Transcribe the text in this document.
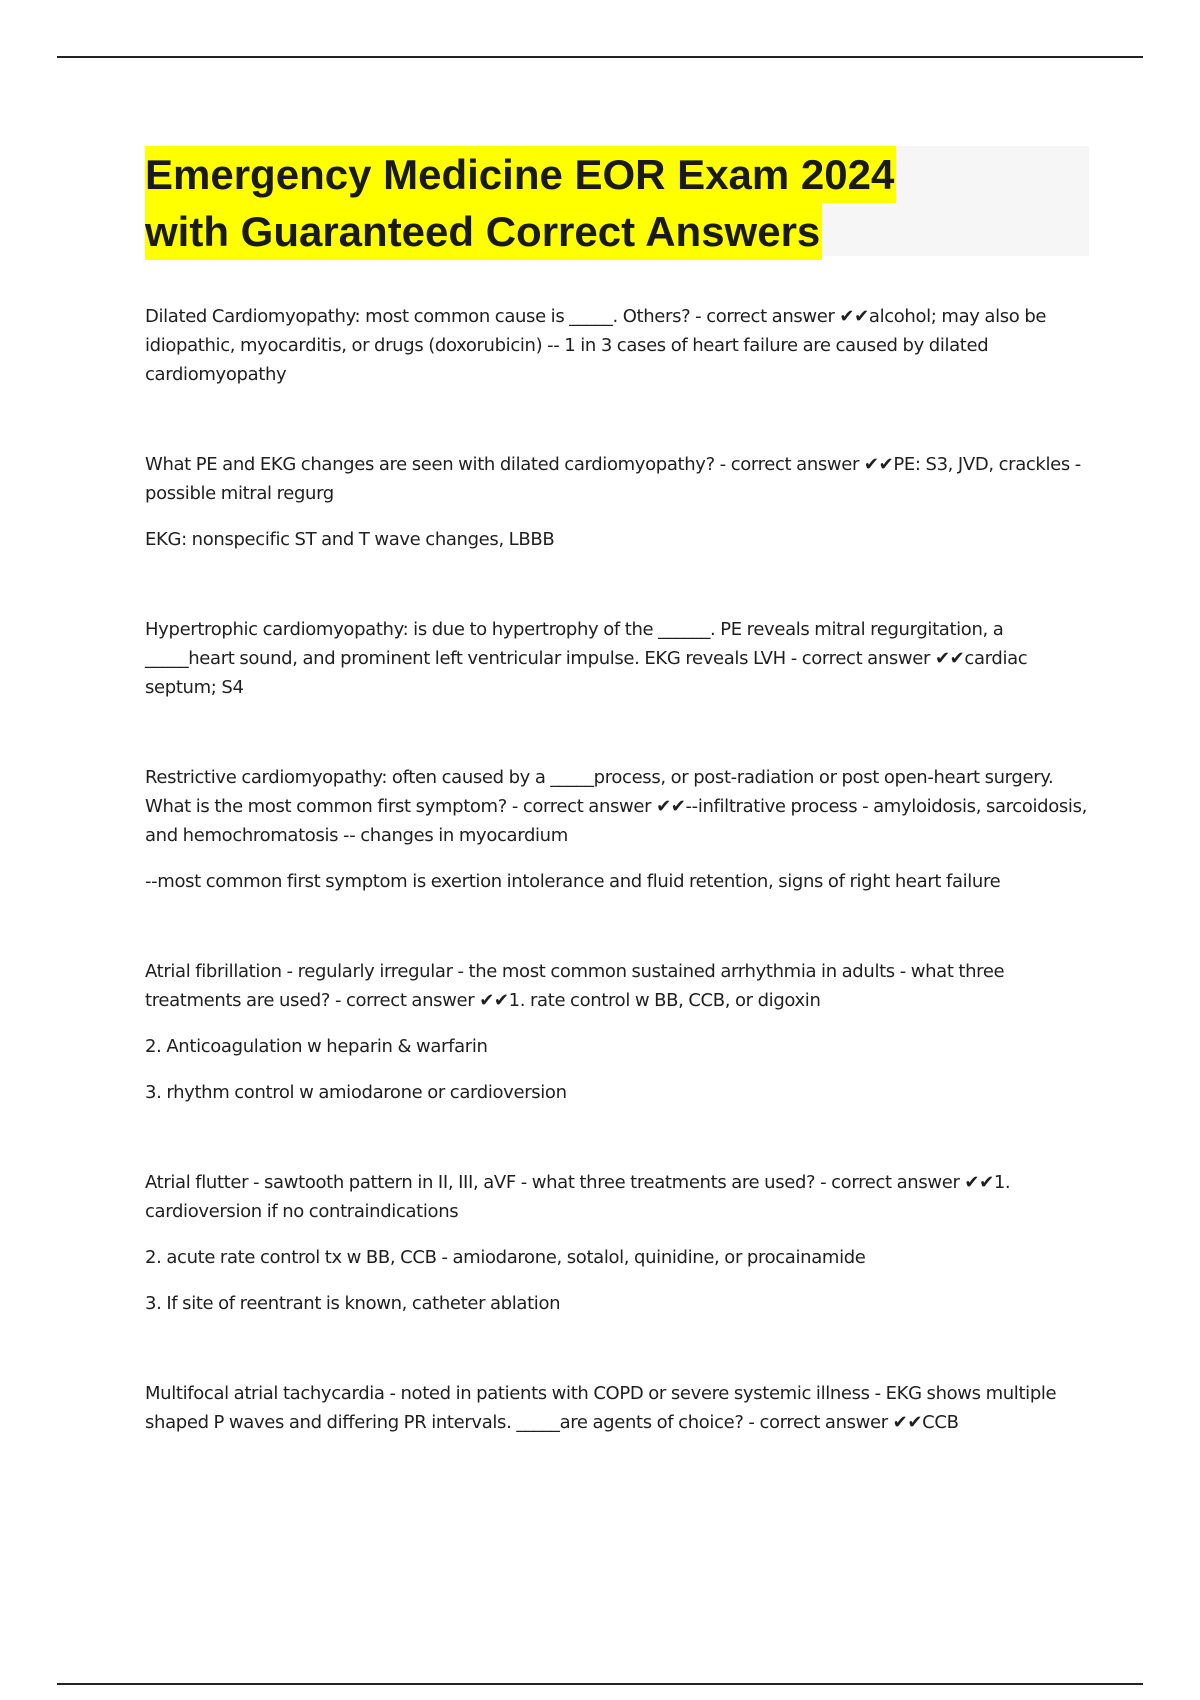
Emergency Medicine EOR Exam 2024
with Guaranteed Correct Answers

Dilated Cardiomyopathy: most common cause is _____. Others? - correct answer ✔✔alcohol; may also be idiopathic, myocarditis, or drugs (doxorubicin) -- 1 in 3 cases of heart failure are caused by dilated cardiomyopathy

What PE and EKG changes are seen with dilated cardiomyopathy? - correct answer ✔✔PE: S3, JVD, crackles - possible mitral regurg

EKG: nonspecific ST and T wave changes, LBBB

Hypertrophic cardiomyopathy: is due to hypertrophy of the ______. PE reveals mitral regurgitation, a _____heart sound, and prominent left ventricular impulse. EKG reveals LVH - correct answer ✔✔cardiac septum; S4

Restrictive cardiomyopathy: often caused by a _____process, or post-radiation or post open-heart surgery. What is the most common first symptom? - correct answer ✔✔--infiltrative process - amyloidosis, sarcoidosis, and hemochromatosis -- changes in myocardium

--most common first symptom is exertion intolerance and fluid retention, signs of right heart failure

Atrial fibrillation - regularly irregular - the most common sustained arrhythmia in adults - what three treatments are used? - correct answer ✔✔1. rate control w BB, CCB, or digoxin

2. Anticoagulation w heparin & warfarin

3. rhythm control w amiodarone or cardioversion

Atrial flutter - sawtooth pattern in II, III, aVF - what three treatments are used? - correct answer ✔✔1. cardioversion if no contraindications

2. acute rate control tx w BB, CCB - amiodarone, sotalol, quinidine, or procainamide

3. If site of reentrant is known, catheter ablation

Multifocal atrial tachycardia - noted in patients with COPD or severe systemic illness - EKG shows multiple shaped P waves and differing PR intervals. _____are agents of choice? - correct answer ✔✔CCB
